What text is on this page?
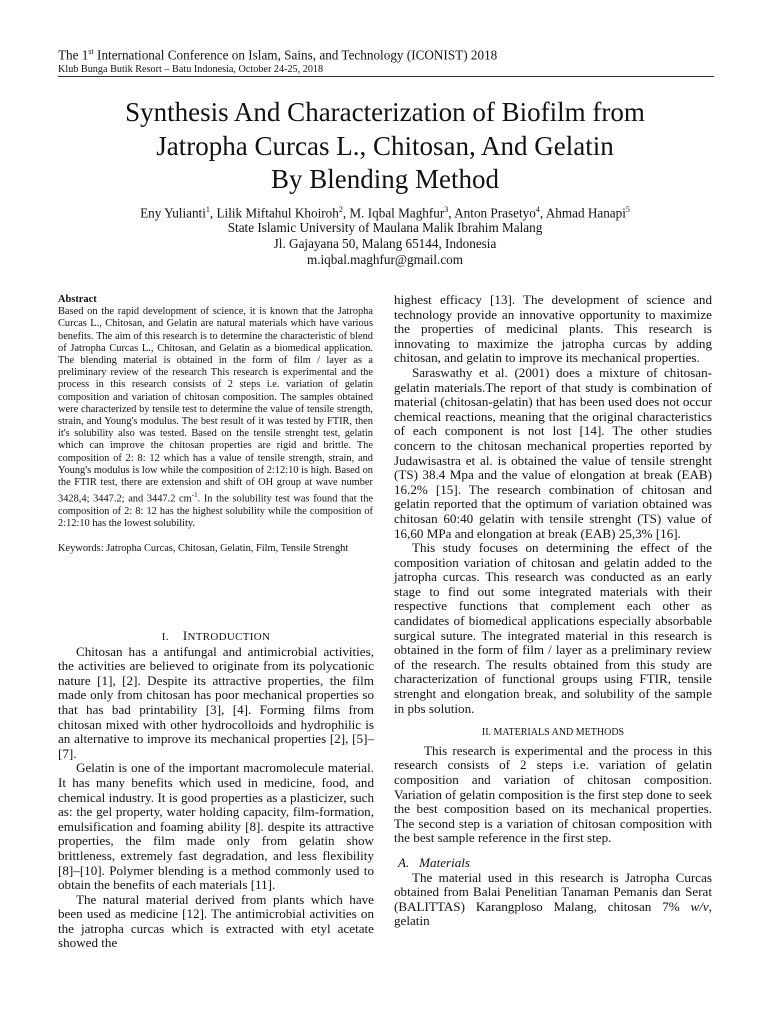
The 1st International Conference on Islam, Sains, and Technology (ICONIST) 2018
Klub Bunga Butik Resort – Batu Indonesia, October 24-25, 2018
Synthesis And Characterization of Biofilm from
Jatropha Curcas L., Chitosan, And Gelatin
By Blending Method
Eny Yulianti$^1$, Lilik Miftahul Khoiroh$^2$, M. Iqbal Maghfur$^3$, Anton Prasetyo$^4$, Ahmad Hanapi$^5$
State Islamic University of Maulana Malik Ibrahim Malang
Jl. Gajayana 50, Malang 65144, Indonesia
m.iqbal.maghfur@gmail.com

Abstract

Based on the rapid development of science, it is known that the Jatropha Curcas L., Chitosan, and Gelatin are natural materials which have various benefits. The aim of this research is to determine the characteristic of blend of Jatropha Curcas L., Chitosan, and Gelatin as a biomedical application. The blending material is obtained in the form of film / layer as a preliminary review of the research This research is experimental and the process in this research consists of 2 steps i.e. variation of gelatin composition and variation of chitosan composition. The samples obtained were characterized by tensile test to determine the value of tensile strength, strain, and Young's modulus. The best result of it was tested by FTIR, then it's solubility also was tested. Based on the tensile strenght test, gelatin which can improve the chitosan properties are rigid and brittle. The composition of 2: 8: 12 which has a value of tensile strength, strain, and Young's modulus is low while the composition of 2:12:10 is high. Based on the FTIR test, there are extension and shift of OH group at wave number 3428,4; 3447.2; and 3447.2 $cm^{-1}$. In the solubility test was found that the composition of 2: 8: 12 has the highest solubility while the composition of 2:12:10 has the lowest solubility.

Keywords: Jatropha Curcas, Chitosan, Gelatin, Film, Tensile Strenght

I. INTRODUCTION

Chitosan has a antifungal and antimicrobial activities, the activities are believed to originate from its polycationic nature [1], [2]. Despite its attractive properties, the film made only from chitosan has poor mechanical properties so that has bad printability [3], [4]. Forming films from chitosan mixed with other hydrocolloids and hydrophilic is an alternative to improve its mechanical properties [2], [5]–[7].

Gelatin is one of the important macromolecule material. It has many benefits which used in medicine, food, and chemical industry. It is good properties as a plasticizer, such as: the gel property, water holding capacity, film-formation, emulsification and foaming ability [8]. despite its attractive properties, the film made only from gelatin show brittleness, extremely fast degradation, and less flexibility [8]–[10]. Polymer blending is a method commonly used to obtain the benefits of each materials [11].

The natural material derived from plants which have been used as medicine [12]. The antimicrobial activities on the jatropha curcas which is extracted with etyl acetate showed the

highest efficacy [13]. The development of science and technology provide an innovative opportunity to maximize the properties of medicinal plants. This research is innovating to maximize the jatropha curcas by adding chitosan, and gelatin to improve its mechanical properties.

Saraswathy et al. (2001) does a mixture of chitosan-gelatin materials.The report of that study is combination of material (chitosan-gelatin) that has been used does not occur chemical reactions, meaning that the original characteristics of each component is not lost [14]. The other studies concern to the chitosan mechanical properties reported by Judawisastra et al. is obtained the value of tensile strenght (TS) 38.4 Mpa and the value of elongation at break (EAB) 16.2% [15]. The research combination of chitosan and gelatin reported that the optimum of variation obtained was chitosan 60:40 gelatin with tensile strenght (TS) value of 16,60 MPa and elongation at break (EAB) 25,3% [16].

This study focuses on determining the effect of the composition variation of chitosan and gelatin added to the jatropha curcas. This research was conducted as an early stage to find out some integrated materials with their respective functions that complement each other as candidates of biomedical applications especially absorbable surgical suture. The integrated material in this research is obtained in the form of film / layer as a preliminary review of the research. The results obtained from this study are characterization of functional groups using FTIR, tensile strenght and elongation break, and solubility of the sample in pbs solution.

II. MATERIALS AND METHODS

This research is experimental and the process in this research consists of 2 steps i.e. variation of gelatin composition and variation of chitosan composition. Variation of gelatin composition is the first step done to seek the best composition based on its mechanical properties. The second step is a variation of chitosan composition with the best sample reference in the first step.

A. Materials

The material used in this research is Jatropha Curcas obtained from Balai Penelitian Tanaman Pemanis dan Serat (BALITTAS) Karangploso Malang, chitosan 7% w/v, gelatin
